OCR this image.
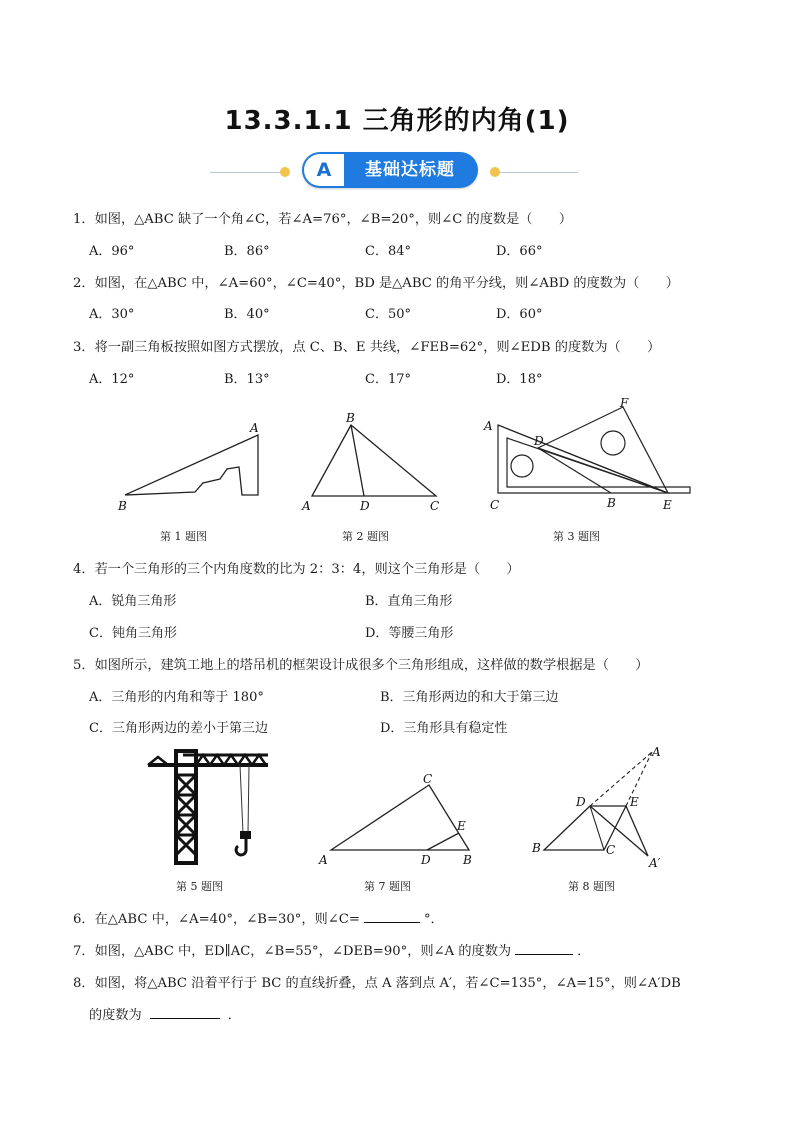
13.3.1.1 三角形的内角(1)
A	基础达标题
1．如图，△ABC 缺了一个角∠C，若∠A=76°，∠B=20°，则∠C 的度数是（　　）
A．96°	B．86°	C．84°	D．66°
2．如图，在△ABC 中，∠A=60°，∠C=40°，BD 是△ABC 的角平分线，则∠ABD 的度数为（　　）
A．30°	B．40°	C．50°	D．60°
3．将一副三角板按照如图方式摆放，点 C、B、E 共线，∠FEB=62°，则∠EDB 的度数为（　　）
A．12°	B．13°	C．17°	D．18°
A
B
第 1 题图
B
A	D	C
第 2 题图
A
F
D
C	B	E
第 3 题图
4．若一个三角形的三个内角度数的比为 2：3：4，则这个三角形是（　　）
A．锐角三角形	B．直角三角形
C．钝角三角形	D．等腰三角形
5．如图所示，建筑工地上的塔吊机的框架设计成很多个三角形组成，这样做的数学根据是（　　）
A．三角形的内角和等于 180°	B．三角形两边的和大于第三边
C．三角形两边的差小于第三边	D．三角形具有稳定性
第 5 题图
C
E
A	D	B
第 7 题图
A
D	E
B	C
A′
第 8 题图
6．在△ABC 中，∠A=40°，∠B=30°，则∠C=	°．
7．如图，△ABC 中，ED∥AC，∠B=55°，∠DEB=90°，则∠A 的度数为	．
8．如图，将△ABC 沿着平行于 BC 的直线折叠，点 A 落到点 A′，若∠C=135°，∠A=15°，则∠A′DB
的度数为	．
